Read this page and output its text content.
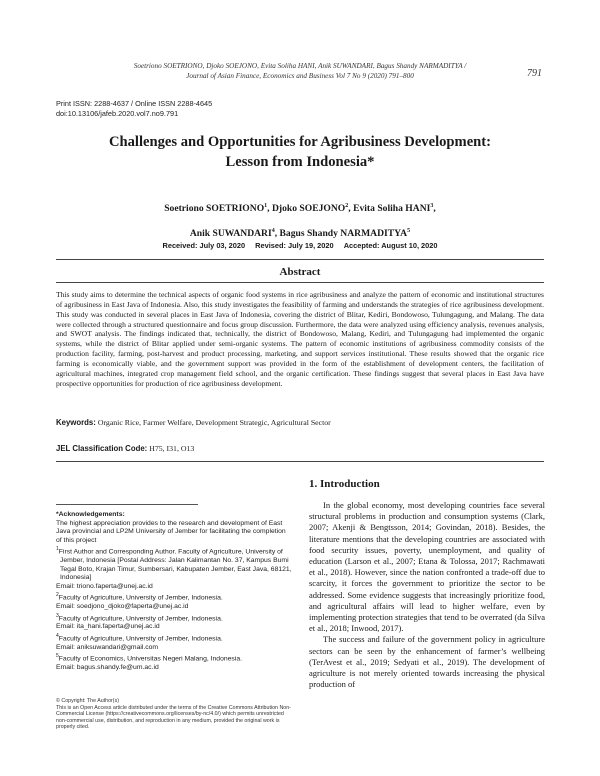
Soetriono SOETRIONO, Djoko SOEJONO, Evita Soliha HANI, Anik SUWANDARI, Bagus Shandy NARMADITYA /
Journal of Asian Finance, Economics and Business Vol 7 No 9 (2020) 791–800	791
Print ISSN: 2288-4637 / Online ISSN 2288-4645
doi:10.13106/jafeb.2020.vol7.no9.791
Challenges and Opportunities for Agribusiness Development:
Lesson from Indonesia*
Soetriono SOETRIONO$^1$, Djoko SOEJONO$^2$, Evita Soliha HANI$^3$,
Anik SUWANDARI$^4$, Bagus Shandy NARMADITYA$^5$
Received: July 03, 2020 Revised: July 19, 2020 Accepted: August 10, 2020
Abstract
This study aims to determine the technical aspects of organic food systems in rice agribusiness and analyze the pattern of economic and institutional structures of agribusiness in East Java of Indonesia. Also, this study investigates the feasibility of farming and understands the strategies of rice agribusiness development. This study was conducted in several places in East Java of Indonesia, covering the district of Blitar, Kediri, Bondowoso, Tulungagung, and Malang. The data were collected through a structured questionnaire and focus group discussion. Furthermore, the data were analyzed using efficiency analysis, revenues analysis, and SWOT analysis. The findings indicated that, technically, the district of Bondowoso, Malang, Kediri, and Tulungagung had implemented the organic systems, while the district of Blitar applied under semi-organic systems. The pattern of economic institutions of agribusiness commodity consists of the production facility, farming, post-harvest and product processing, marketing, and support services institutional. These results showed that the organic rice farming is economically viable, and the government support was provided in the form of the establishment of development centers, the facilitation of agricultural machines, integrated crop management field school, and the organic certification. These findings suggest that several places in East Java have prospective opportunities for production of rice agribusiness development.
Keywords: Organic Rice, Farmer Welfare, Development Strategic, Agricultural Sector
JEL Classification Code: H75, I31, O13
1. Introduction

In the global economy, most developing countries face several structural problems in production and consumption systems (Clark, 2007; Akenji & Bengtsson, 2014; Govindan, 2018). Besides, the literature mentions that the developing countries are associated with food security issues, poverty, unemployment, and quality of education (Larson et al., 2007; Etana & Tolossa, 2017; Rachmawati et al., 2018). However, since the nation confronted a trade-off due to scarcity, it forces the government to prioritize the sector to be addressed. Some evidence suggests that increasingly prioritize food, and agricultural affairs will lead to higher welfare, even by implementing protection strategies that tend to be overrated (da Silva et al., 2018; Inwood, 2017).

The success and failure of the government policy in agriculture sectors can be seen by the enhancement of farmer’s wellbeing (TerAvest et al., 2019; Sedyati et al., 2019). The development of agriculture is not merely oriented towards increasing the physical production of

*Acknowledgements:
The highest appreciation provides to the research and development of East Java provincial and LP2M University of Jember for facilitating the completion of this project
$^1$First Author and Corresponding Author. Faculty of Agriculture, University of Jember, Indonesia [Postal Address: Jalan Kalimantan No. 37, Kampus Bumi Tegal Boto, Krajan Timur, Sumbersari, Kabupaten Jember, East Java, 68121, Indonesia]
Email: triono.faperta@unej.ac.id
$^2$Faculty of Agriculture, University of Jember, Indonesia.
Email: soedjono_djoko@faperta@unej.ac.id
$^3$Faculty of Agriculture, University of Jember, Indonesia.
Email: ita_hani.faperta@unej.ac.id
$^4$Faculty of Agriculture, University of Jember, Indonesia.
Email: aniksuwandari@gmail.com
$^5$Faculty of Economics, Universitas Negeri Malang, Indonesia.
Email: bagus.shandy.fe@um.ac.id
© Copyright: The Author(s)
This is an Open Access article distributed under the terms of the Creative Commons Attribution Non-Commercial License (https://creativecommons.org/licenses/by-nc/4.0/) which permits unrestricted non-commercial use, distribution, and reproduction in any medium, provided the original work is properly cited.
